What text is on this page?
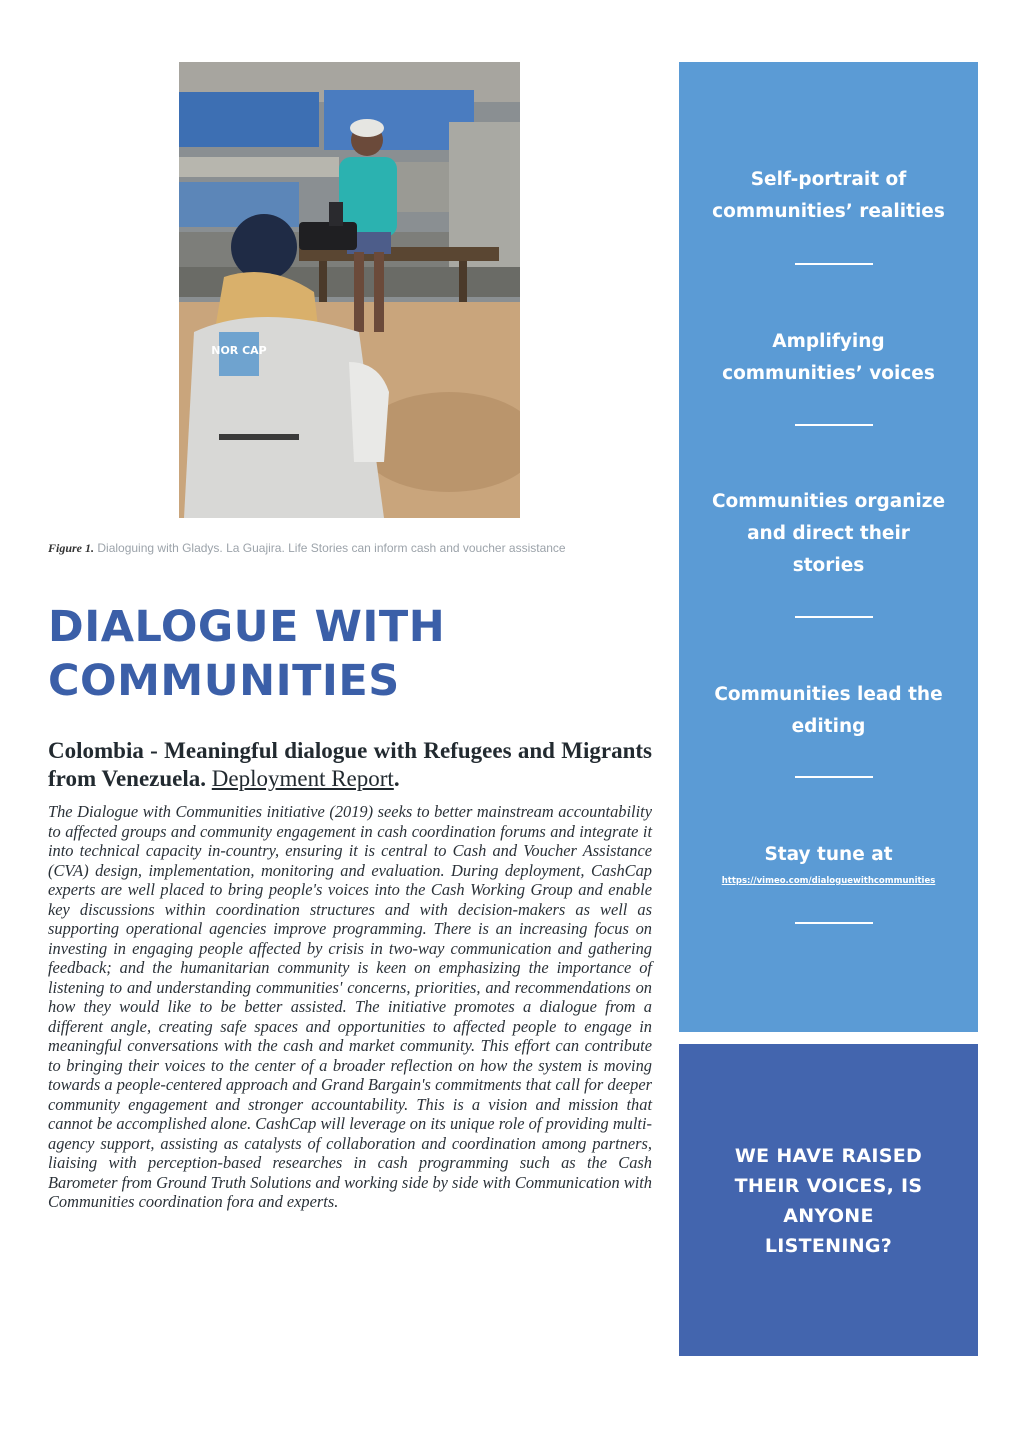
NOR CAP
Figure 1. Dialoguing with Gladys. La Guajira. Life Stories can inform cash and voucher assistance
DIALOGUE WITH
COMMUNITIES

Colombia - Meaningful dialogue with Refugees and Migrants from Venezuela. Deployment Report.

The Dialogue with Communities initiative (2019) seeks to better mainstream accountability to affected groups and community engagement in cash coordination forums and integrate it into technical capacity in-country, ensuring it is central to Cash and Voucher Assistance (CVA) design, implementation, monitoring and evaluation. During deployment, CashCap experts are well placed to bring people's voices into the Cash Working Group and enable key discussions within coordination structures and with decision-makers as well as supporting operational agencies improve programming. There is an increasing focus on investing in engaging people affected by crisis in two-way communication and gathering feedback; and the humanitarian community is keen on emphasizing the importance of listening to and understanding communities' concerns, priorities, and recommendations on how they would like to be better assisted. The initiative promotes a dialogue from a different angle, creating safe spaces and opportunities to affected people to engage in meaningful conversations with the cash and market community. This effort can contribute to bringing their voices to the center of a broader reflection on how the system is moving towards a people-centered approach and Grand Bargain's commitments that call for deeper community engagement and stronger accountability. This is a vision and mission that cannot be accomplished alone. CashCap will leverage on its unique role of providing multi-agency support, assisting as catalysts of collaboration and coordination among partners, liaising with perception-based researches in cash programming such as the Cash Barometer from Ground Truth Solutions and working side by side with Communication with Communities coordination fora and experts.

Self-portrait of
communities’ realities
Amplifying
communities’ voices
Communities organize
and direct their
stories
Communities lead the
editing
Stay tune at
https://vimeo.com/dialoguewithcommunities
WE HAVE RAISED
THEIR VOICES, IS
ANYONE
LISTENING?
